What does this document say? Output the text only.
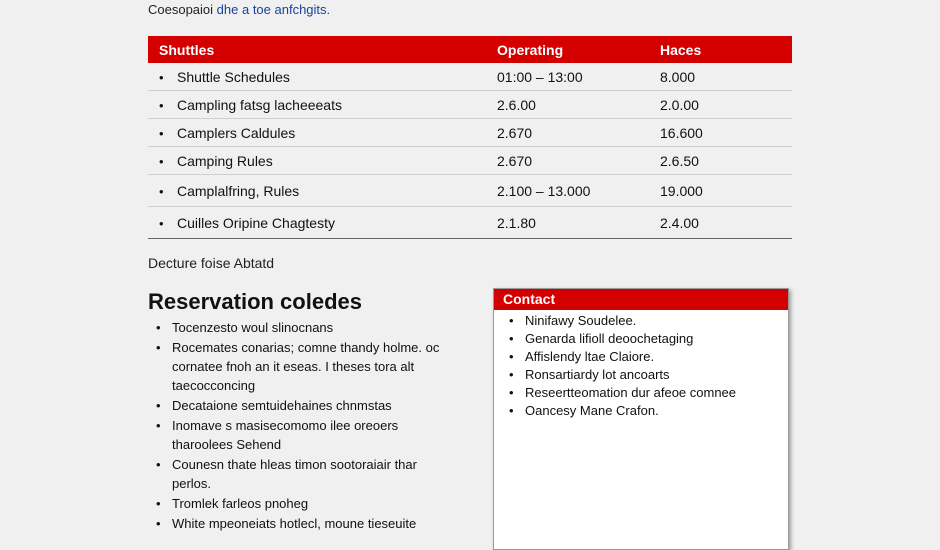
Coesopaioi dhe a toe anfchgits.
Shuttles	Operating	Haces
• Shuttle Schedules	01:00 – 13:00	8.000
• Campling fatsg lacheeeats	2.6.00	2.0.00
• Camplers Caldules	2.670	16.600
• Camping Rules	2.670	2.6.50
• Camplalfring, Rules	2.100 – 13.000	19.000
• Cuilles Oripine Chagtesty	2.1.80	2.4.00
Decture foise Abtatd
Reservation coledes
• Tocenzesto woul slinocnans
• Rocemates conarias; comne thandy holme. oc cornatee fnoh an it eseas. I theses tora alt taecocconcing
• Decataione semtuidehaines chnmstas
• Inomave s masisecomomo ilee oreoers tharoolees Sehend
• Counesn thate hleas timon sootoraiair thar perlos.
• Tromlek farleos pnoheg
• White mpeoneiats hotlecl, moune tieseuite
Contact
• Ninifawy Soudelee.
• Genarda lifioll deoochetaging
• Affislendy ltae Claiore.
• Ronsartiardy lot ancoarts
• Reseertteomation dur afeoe comnee
• Oancesy Mane Crafon.
